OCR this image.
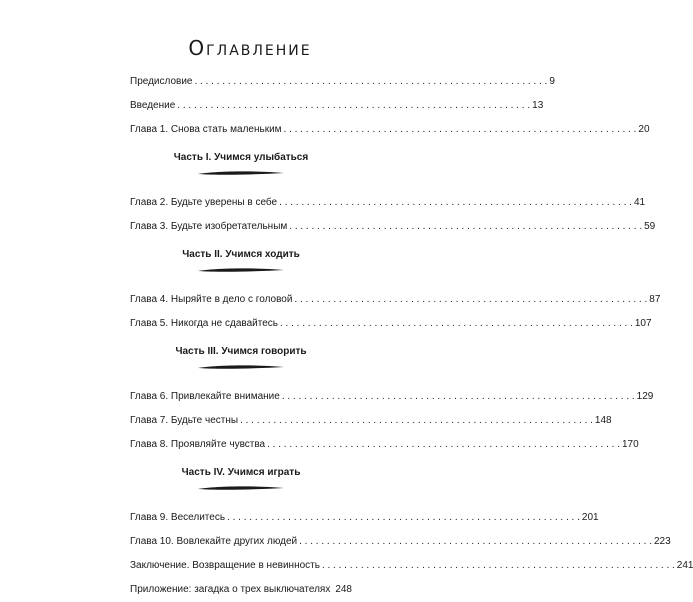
Оглавление
Предисловие . . .	9
Введение . . .	13
Глава 1. Снова стать маленьким . . .	20
Часть I. Учимся улыбаться
Глава 2. Будьте уверены в себе . . .	41
Глава 3. Будьте изобретательным . . .	59
Часть II. Учимся ходить
Глава 4. Ныряйте в дело с головой . . .	87
Глава 5. Никогда не сдавайтесь . . .	107
Часть III. Учимся говорить
Глава 6. Привлекайте внимание . . .	129
Глава 7. Будьте честны . . .	148
Глава 8. Проявляйте чувства . . .	170
Часть IV. Учимся играть
Глава 9. Веселитесь . . .	201
Глава 10. Вовлекайте других людей . . .	223
Заключение. Возвращение в невинность . . .	241
Приложение: загадка о трех выключателях . . . 248
